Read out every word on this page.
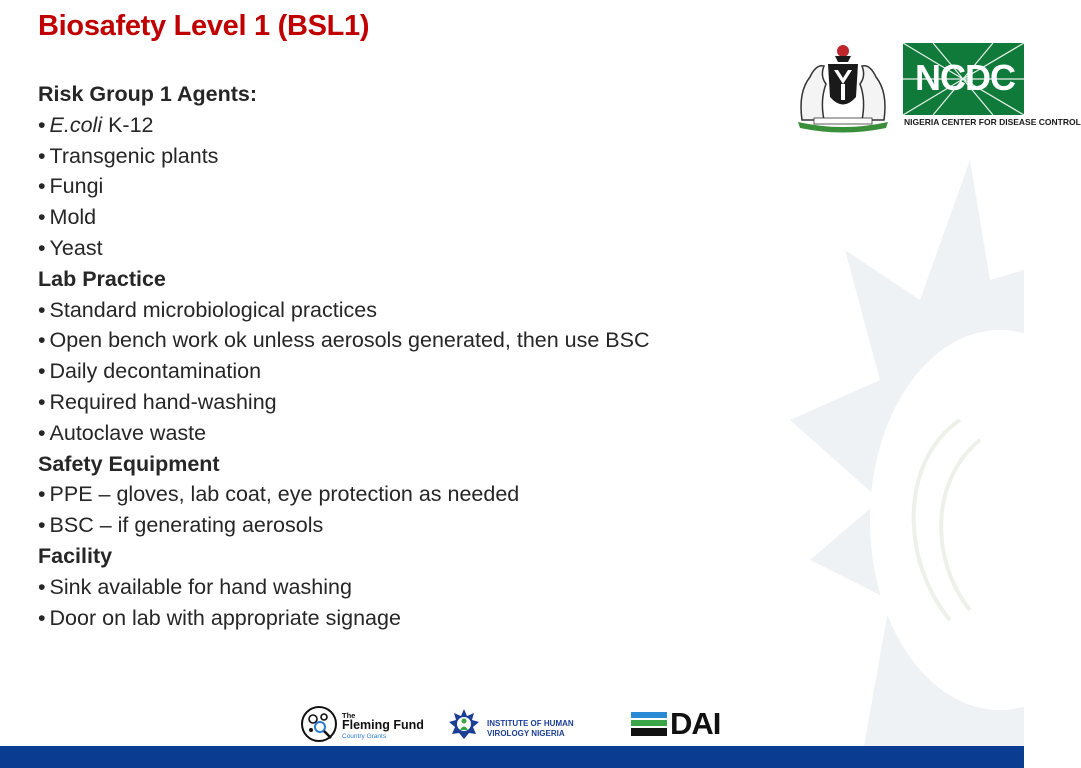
Biosafety Level 1 (BSL1)
Risk Group 1 Agents:
• E.coli K-12
• Transgenic plants
• Fungi
• Mold
• Yeast
Lab Practice
• Standard microbiological practices
• Open bench work ok unless aerosols generated, then use BSC
• Daily decontamination
• Required hand-washing
• Autoclave waste
Safety Equipment
• PPE – gloves, lab coat, eye protection as needed
• BSC – if generating aerosols
Facility
• Sink available for hand washing
• Door on lab with appropriate signage
NCDC
NIGERIA CENTER FOR DISEASE CONTROL
The
Fleming Fund
Country Grants
INSTITUTE OF HUMAN
VIROLOGY NIGERIA	DAI
